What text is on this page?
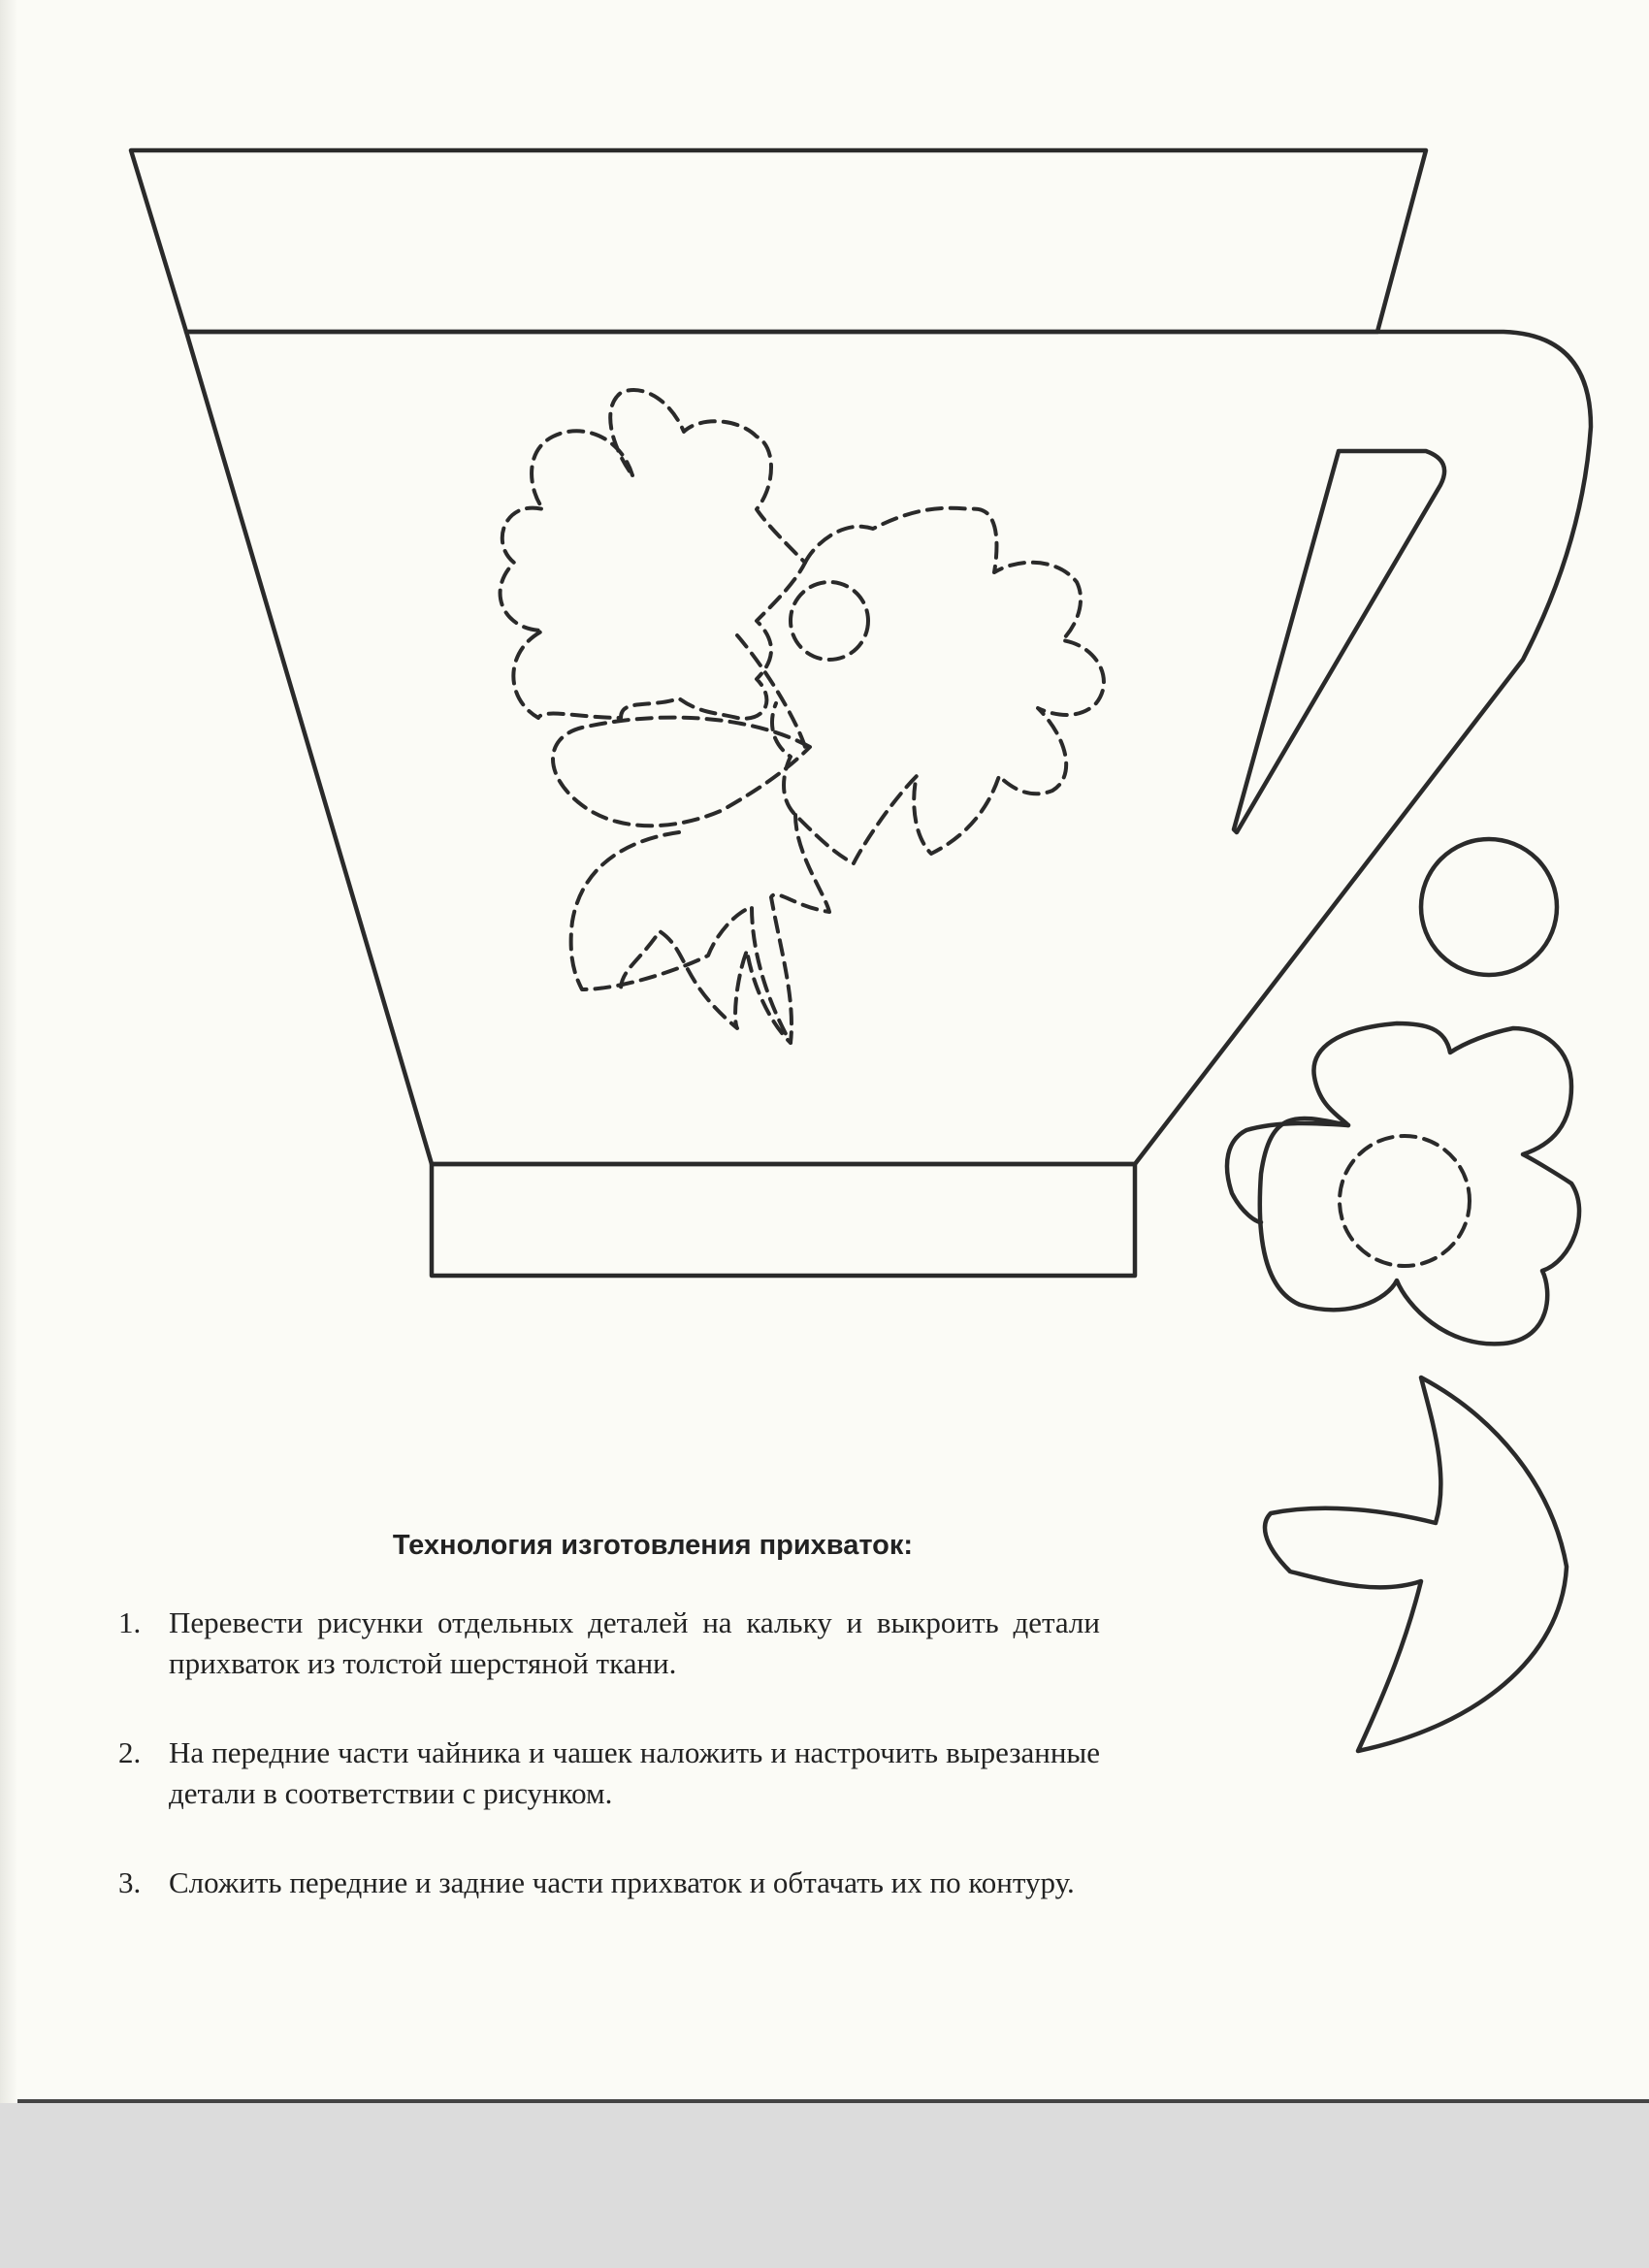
Технология изготовления прихваток:
1. Перевести рисунки отдельных деталей на кальку и выкроить детали прихваток из толстой шерстяной ткани.
2. На передние части чайника и чашек наложить и настрочить вырезанные детали в соответствии с рисунком.
3. Сложить передние и задние части прихваток и обтачать их по контуру.
